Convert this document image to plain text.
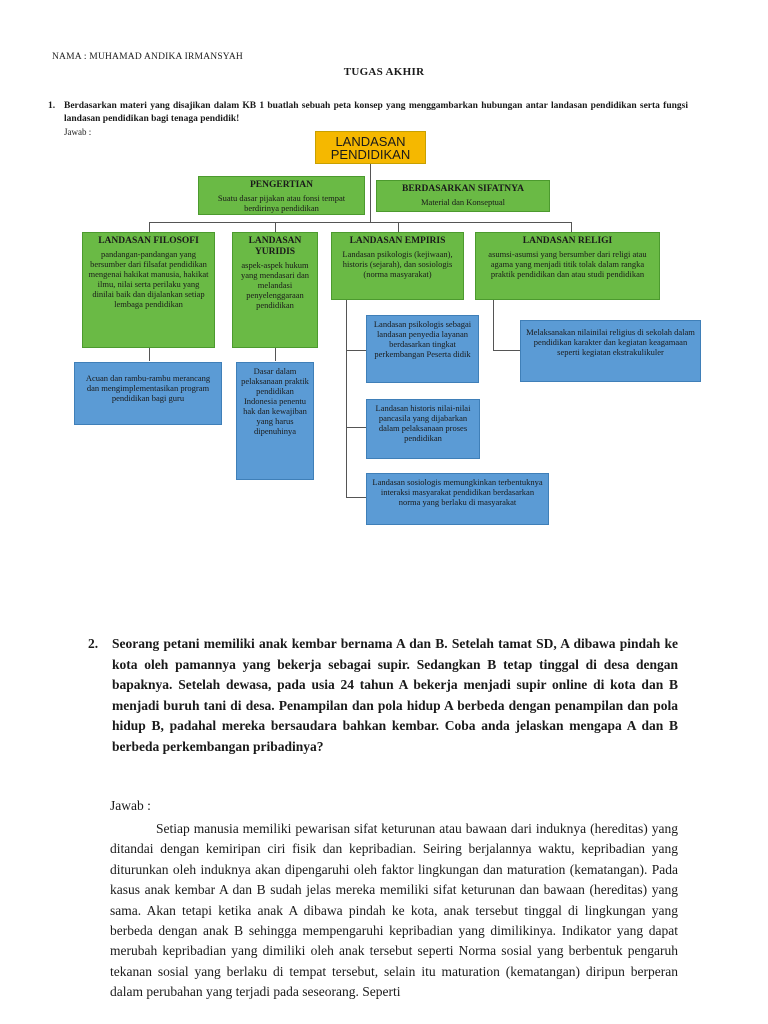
NAMA : MUHAMAD ANDIKA IRMANSYAH
TUGAS AKHIR
1. Berdasarkan materi yang disajikan dalam KB 1 buatlah sebuah peta konsep yang menggambarkan hubungan antar landasan pendidikan serta fungsi landasan pendidikan bagi tenaga pendidik!
Jawab :
LANDASAN PENDIDIKAN
PENGERTIAN
Suatu dasar pijakan atau fonsi tempat berdirinya pendidikan
BERDASARKAN SIFATNYA
Material dan Konseptual
LANDASAN FILOSOFI
pandangan-pandangan yang bersumber dari filsafat pendidikan mengenai hakikat manusia, hakikat ilmu, nilai serta perilaku yang dinilai baik dan dijalankan setiap lembaga pendidikan
LANDASAN YURIDIS
aspek-aspek hukum yang mendasari dan melandasi penyelenggaraan pendidikan
LANDASAN EMPIRIS
Landasan psikologis (kejiwaan), historis (sejarah), dan sosiologis (norma masyarakat)
LANDASAN RELIGI
asumsi-asumsi yang bersumber dari religi atau agama yang menjadi titik tolak dalam rangka praktik pendidikan dan atau studi pendidikan
Acuan dan rambu-rambu merancang dan mengimplementasikan program pendidikan bagi guru
Dasar dalam pelaksanaan praktik pendidikan Indonesia penentu hak dan kewajiban yang harus dipenuhinya
Landasan psikologis sebagai landasan penyedia layanan berdasarkan tingkat perkembangan Peserta didik
Landasan historis nilai-nilai pancasila yang dijabarkan dalam pelaksanaan proses pendidikan
Landasan sosiologis memungkinkan terbentuknya interaksi masyarakat pendidikan berdasarkan norma yang berlaku di masyarakat
Melaksanakan nilainilai religius di sekolah dalam pendidikan karakter dan kegiatan keagamaan seperti kegiatan ekstrakulikuler
2. Seorang petani memiliki anak kembar bernama A dan B. Setelah tamat SD, A dibawa pindah ke kota oleh pamannya yang bekerja sebagai supir. Sedangkan B tetap tinggal di desa dengan bapaknya. Setelah dewasa, pada usia 24 tahun A bekerja menjadi supir online di kota dan B menjadi buruh tani di desa. Penampilan dan pola hidup A berbeda dengan penampilan dan pola hidup B, padahal mereka bersaudara bahkan kembar. Coba anda jelaskan mengapa A dan B berbeda perkembangan pribadinya?
Jawab :
Setiap manusia memiliki pewarisan sifat keturunan atau bawaan dari induknya (hereditas) yang ditandai dengan kemiripan ciri fisik dan kepribadian. Seiring berjalannya waktu, kepribadian yang diturunkan oleh induknya akan dipengaruhi oleh faktor lingkungan dan maturation (kematangan). Pada kasus anak kembar A dan B sudah jelas mereka memiliki sifat keturunan dan bawaan (hereditas) yang sama. Akan tetapi ketika anak A dibawa pindah ke kota, anak tersebut tinggal di lingkungan yang berbeda dengan anak B sehingga mempengaruhi kepribadian yang dimilikinya. Indikator yang dapat merubah kepribadian yang dimiliki oleh anak tersebut seperti Norma sosial yang berbentuk pengaruh tekanan sosial yang berlaku di tempat tersebut, selain itu maturation (kematangan) diripun berperan dalam perubahan yang terjadi pada seseorang. Seperti
